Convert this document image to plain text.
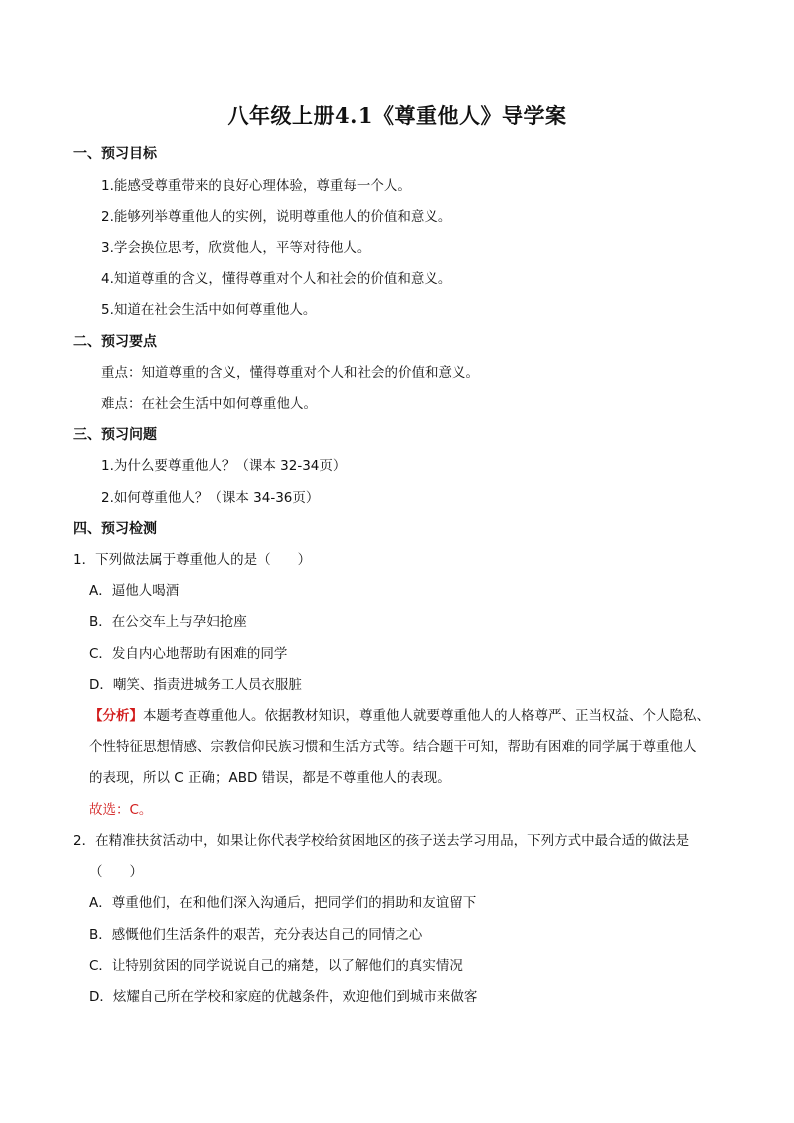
八年级上册4.1《尊重他人》导学案
一、预习目标
1.能感受尊重带来的良好心理体验，尊重每一个人。
2.能够列举尊重他人的实例，说明尊重他人的价值和意义。
3.学会换位思考，欣赏他人，平等对待他人。
4.知道尊重的含义，懂得尊重对个人和社会的价值和意义。
5.知道在社会生活中如何尊重他人。
二、预习要点
重点：知道尊重的含义，懂得尊重对个人和社会的价值和意义。
难点：在社会生活中如何尊重他人。
三、预习问题
1.为什么要尊重他人？（课本 32-34页）
2.如何尊重他人？（课本 34-36页）
四、预习检测
1．下列做法属于尊重他人的是（　　）
A．逼他人喝酒
B．在公交车上与孕妇抢座
C．发自内心地帮助有困难的同学
D．嘲笑、指责进城务工人员衣服脏
【分析】本题考查尊重他人。依据教材知识，尊重他人就要尊重他人的人格尊严、正当权益、个人隐私、
个性特征思想情感、宗教信仰民族习惯和生活方式等。结合题干可知，帮助有困难的同学属于尊重他人
的表现，所以 C 正确；ABD 错误，都是不尊重他人的表现。
故选：C。
2．在精准扶贫活动中，如果让你代表学校给贫困地区的孩子送去学习用品，下列方式中最合适的做法是
（　　）
A．尊重他们，在和他们深入沟通后，把同学们的捐助和友谊留下
B．感慨他们生活条件的艰苦，充分表达自己的同情之心
C．让特别贫困的同学说说自己的痛楚，以了解他们的真实情况
D．炫耀自己所在学校和家庭的优越条件，欢迎他们到城市来做客
